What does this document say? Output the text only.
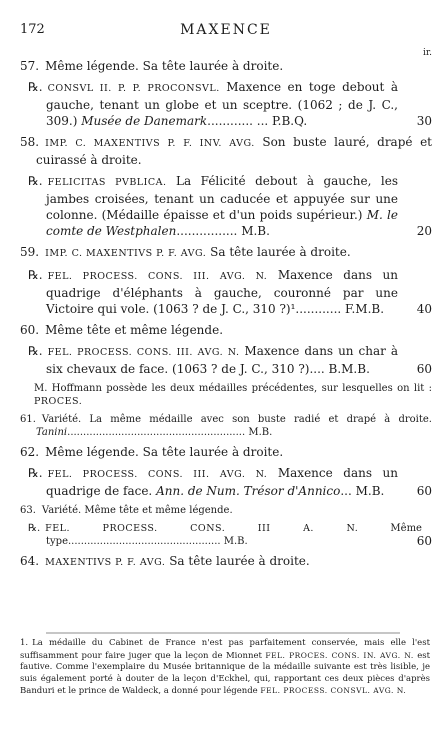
172	MAXENCE
ir.
57. Même légende. Sa tête laurée à droite.
℞. CONSVL II. P. P. PROCONSVL. Maxence en toge debout à gauche, tenant un globe et un sceptre. (1062 ; de J. C., 309.) Musée de Danemark............ ... P.B.Q.	30
58. IMP. C. MAXENTIVS P. F. INV. AVG. Son buste lauré, drapé et cuirassé à droite.
℞. FELICITAS PVBLICA. La Félicité debout à gauche, les jambes croisées, tenant un caducée et appuyée sur une colonne. (Médaille épaisse et d'un poids supérieur.) M. le comte de Westphalen................ M.B.	20
59. IMP. C. MAXENTIVS P. F. AVG. Sa tête laurée à droite.
℞. FEL. PROCESS. CONS. III. AVG. N. Maxence dans un quadrige d'éléphants à gauche, couronné par une Victoire qui vole. (1063 ? de J. C., 310 ?)¹............ F.M.B.	40
60. Même tête et même légende.
℞. FEL. PROCESS. CONS. III. AVG. N. Maxence dans un char à six chevaux de face. (1063 ? de J. C., 310 ?).... B.M.B.	60
M. Hoffmann possède les deux médailles précédentes, sur lesquelles on lit : PROCES.
61. Variété. La même médaille avec son buste radié et drapé à droite. Tanini........................................................ M.B.
62. Même légende. Sa tête laurée à droite.
℞. FEL. PROCESS. CONS. III. AVG. N. Maxence dans un quadrige de face. Ann. de Num. Trésor d'Annico... M.B.	60
63. Variété. Même tête et même légende.
℞. FEL. PROCESS. CONS. III A. N.	Même type................................................ M.B.	60
64. MAXENTIVS P. F. AVG. Sa tête laurée à droite.
1. La médaille du Cabinet de France n'est pas parfaitement conservée, mais elle l'est suffisamment pour faire juger que la leçon de Mionnet FEL. PROCES. CONS. IN. AVG. N. est fautive. Comme l'exemplaire du Musée britannique de la médaille suivante est très lisible, je suis également porté à douter de la leçon d'Eckhel, qui, rapportant ces deux pièces d'après Banduri et le prince de Waldeck, a donné pour légende FEL. PROCESS. CONSVL. AVG. N.
